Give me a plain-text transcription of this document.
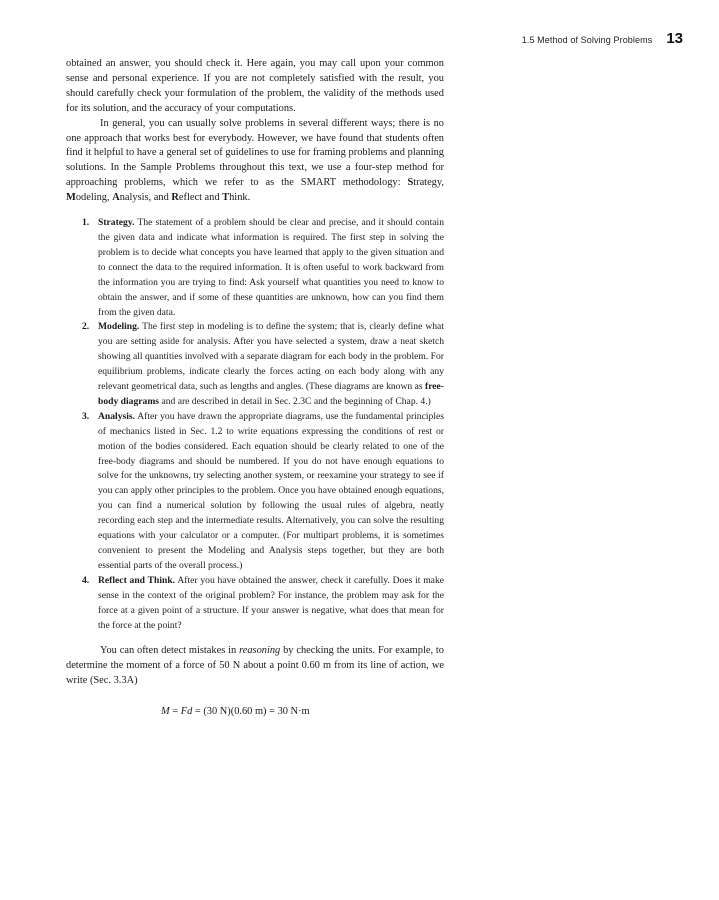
1.5 Method of Solving Problems 13

obtained an answer, you should check it. Here again, you may call upon your common sense and personal experience. If you are not completely satisfied with the result, you should carefully check your formulation of the problem, the validity of the methods used for its solution, and the accuracy of your computations.

In general, you can usually solve problems in several different ways; there is no one approach that works best for everybody. However, we have found that students often find it helpful to have a general set of guidelines to use for framing problems and planning solutions. In the Sample Problems throughout this text, we use a four-step method for approaching problems, which we refer to as the SMART methodology: Strategy, Modeling, Analysis, and Reflect and Think.

1. Strategy. The statement of a problem should be clear and precise, and it should contain the given data and indicate what information is required. The first step in solving the problem is to decide what concepts you have learned that apply to the given situation and to connect the data to the required information. It is often useful to work backward from the information you are trying to find: Ask yourself what quantities you need to know to obtain the answer, and if some of these quantities are unknown, how can you find them from the given data.
2. Modeling. The first step in modeling is to define the system; that is, clearly define what you are setting aside for analysis. After you have selected a system, draw a neat sketch showing all quantities involved with a separate diagram for each body in the problem. For equilibrium problems, indicate clearly the forces acting on each body along with any relevant geometrical data, such as lengths and angles. (These diagrams are known as free-body diagrams and are described in detail in Sec. 2.3C and the beginning of Chap. 4.)
3. Analysis. After you have drawn the appropriate diagrams, use the fundamental principles of mechanics listed in Sec. 1.2 to write equations expressing the conditions of rest or motion of the bodies considered. Each equation should be clearly related to one of the free-body diagrams and should be numbered. If you do not have enough equations to solve for the unknowns, try selecting another system, or reexamine your strategy to see if you can apply other principles to the problem. Once you have obtained enough equations, you can find a numerical solution by following the usual rules of algebra, neatly recording each step and the intermediate results. Alternatively, you can solve the resulting equations with your calculator or a computer. (For multipart problems, it is sometimes convenient to present the Modeling and Analysis steps together, but they are both essential parts of the overall process.)
4. Reflect and Think. After you have obtained the answer, check it carefully. Does it make sense in the context of the original problem? For instance, the problem may ask for the force at a given point of a structure. If your answer is negative, what does that mean for the force at the point?

You can often detect mistakes in reasoning by checking the units. For example, to determine the moment of a force of 50 N about a point 0.60 m from its line of action, we write (Sec. 3.3A)

M = Fd = (30 N)(0.60 m) = 30 N·m
